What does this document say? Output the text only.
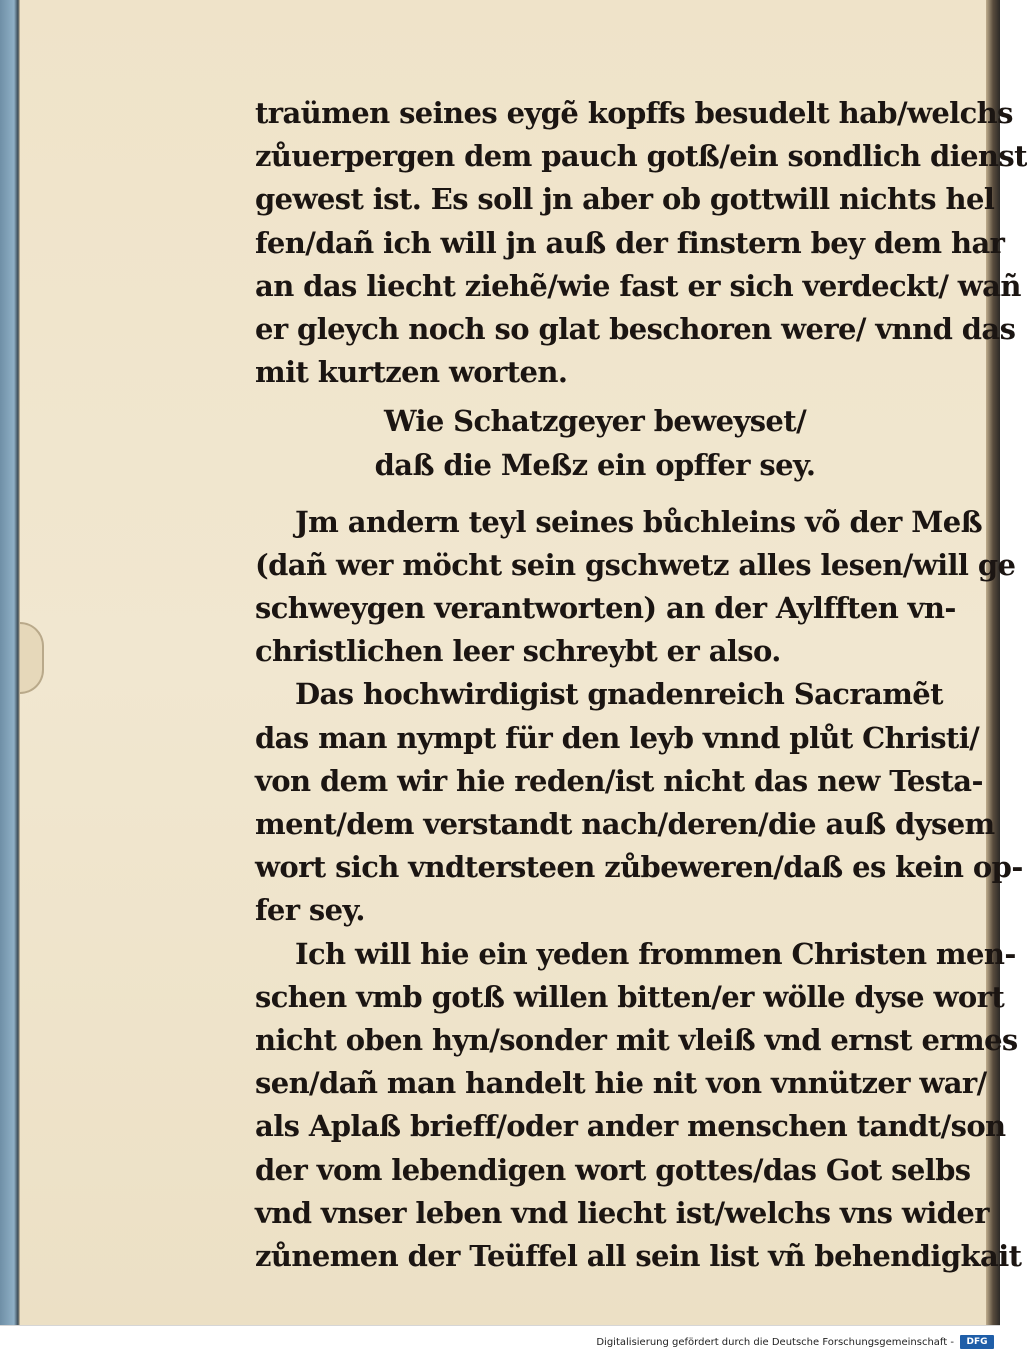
traümen seines eygẽ kopffs besudelt hab/welchs
zůuerpergen dem pauch gotß/ein sondlich dienst
gewest ist. Es soll jn aber ob gottwill nichts hel
fen/dañ ich will jn auß der finstern bey dem har
an das liecht ziehẽ/wie fast er sich verdeckt/ wañ
er gleych noch so glat beschoren were/ vnnd das
mit kurtzen worten.
Wie Schatzgeyer beweyset/
daß die Meßz ein opffer sey.
Jm andern teyl seines bůchleins võ der Meß
(dañ wer möcht sein gschwetz alles lesen/will ge
schweygen verantworten) an der Aylfften vn-
christlichen leer schreybt er also.
Das hochwirdigist gnadenreich Sacramẽt
das man nympt für den leyb vnnd plůt Christi/
von dem wir hie reden/ist nicht das new Testa-
ment/dem verstandt nach/deren/die auß dysem
wort sich vndtersteen zůbeweren/daß es kein op-
fer sey.
Ich will hie ein yeden frommen Christen men-
schen vmb gotß willen bitten/er wölle dyse wort
nicht oben hyn/sonder mit vleiß vnd ernst ermes
sen/dañ man handelt hie nit von vnnützer war/
als Aplaß brieff/oder ander menschen tandt/son
der vom lebendigen wort gottes/das Got selbs
vnd vnser leben vnd liecht ist/welchs vns wider
zůnemen der Teüffel all sein list vñ behendigkait
Digitalisierung gefördert durch die Deutsche Forschungsgemeinschaft -	DFG
